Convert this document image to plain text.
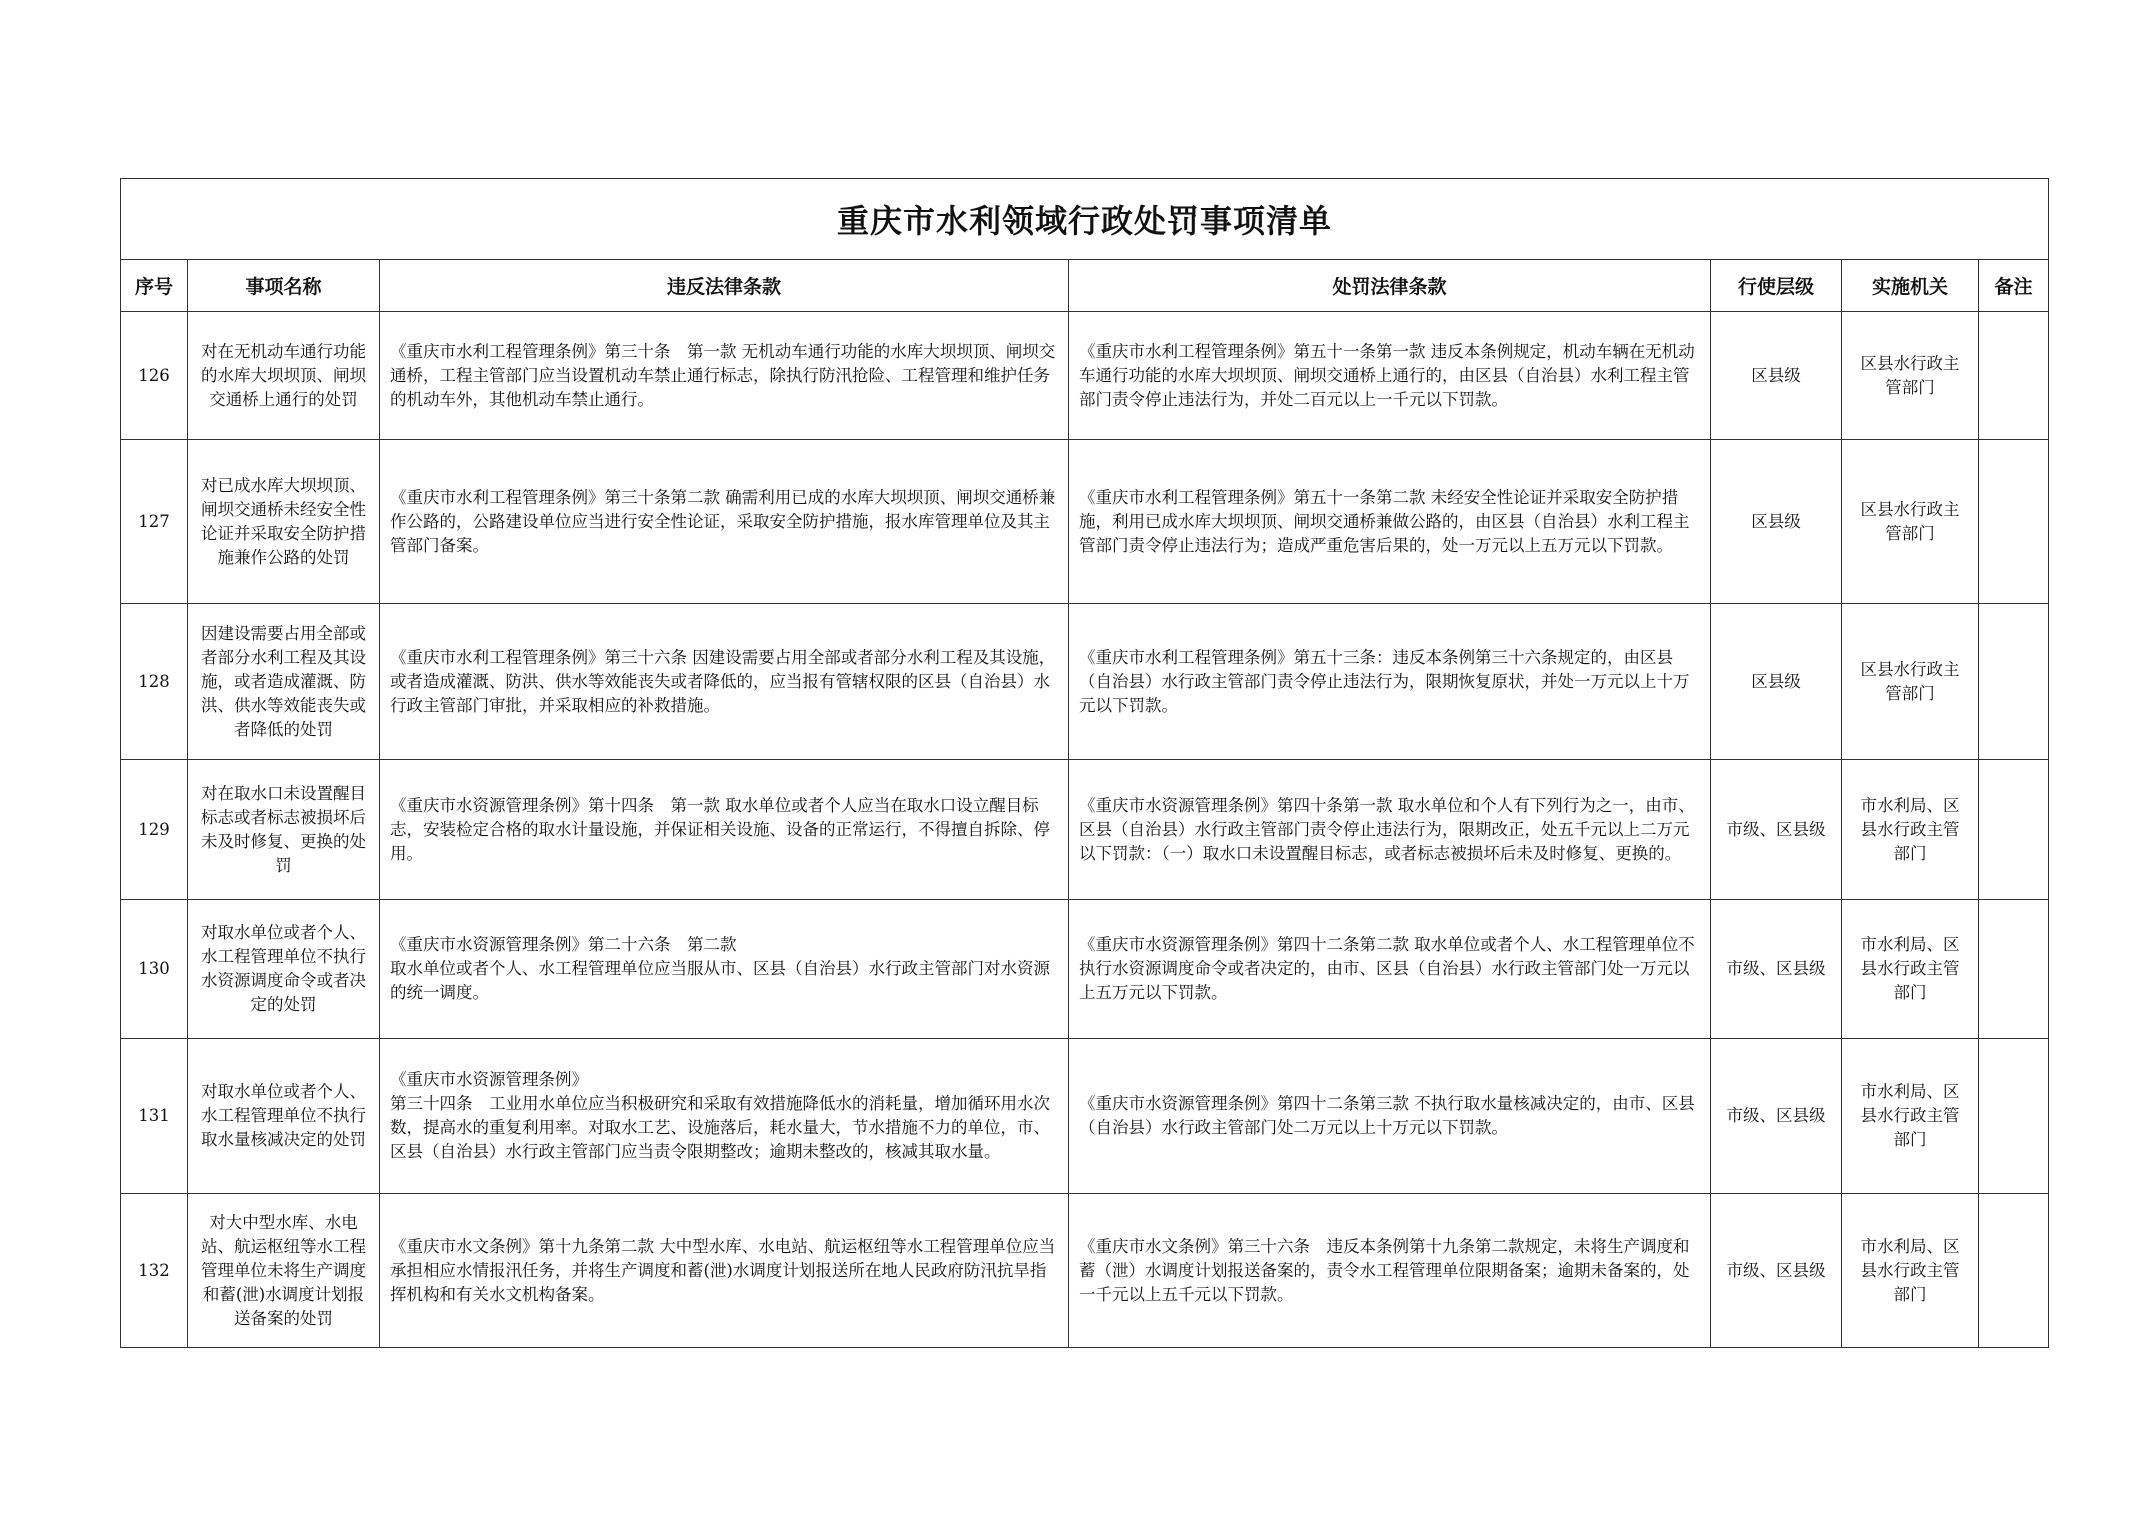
重庆市水利领域行政处罚事项清单						
序号	事项名称	违反法律条款	处罚法律条款	行使层级	实施机关	备注
126	对在无机动车通行功能的水库大坝坝顶、闸坝交通桥上通行的处罚	《重庆市水利工程管理条例》第三十条　第一款 无机动车通行功能的水库大坝坝顶、闸坝交通桥，工程主管部门应当设置机动车禁止通行标志，除执行防汛抢险、工程管理和维护任务的机动车外，其他机动车禁止通行。	《重庆市水利工程管理条例》第五十一条第一款 违反本条例规定，机动车辆在无机动车通行功能的水库大坝坝顶、闸坝交通桥上通行的，由区县（自治县）水利工程主管部门责令停止违法行为，并处二百元以上一千元以下罚款。	区县级	区县水行政主管部门	
127	对已成水库大坝坝顶、闸坝交通桥未经安全性论证并采取安全防护措施兼作公路的处罚	《重庆市水利工程管理条例》第三十条第二款 确需利用已成的水库大坝坝顶、闸坝交通桥兼作公路的，公路建设单位应当进行安全性论证，采取安全防护措施，报水库管理单位及其主管部门备案。	《重庆市水利工程管理条例》第五十一条第二款 未经安全性论证并采取安全防护措施，利用已成水库大坝坝顶、闸坝交通桥兼做公路的，由区县（自治县）水利工程主管部门责令停止违法行为；造成严重危害后果的，处一万元以上五万元以下罚款。	区县级	区县水行政主管部门	
128	因建设需要占用全部或者部分水利工程及其设施，或者造成灌溉、防洪、供水等效能丧失或者降低的处罚	《重庆市水利工程管理条例》第三十六条 因建设需要占用全部或者部分水利工程及其设施，或者造成灌溉、防洪、供水等效能丧失或者降低的，应当报有管辖权限的区县（自治县）水行政主管部门审批，并采取相应的补救措施。	《重庆市水利工程管理条例》第五十三条：违反本条例第三十六条规定的，由区县（自治县）水行政主管部门责令停止违法行为，限期恢复原状，并处一万元以上十万元以下罚款。	区县级	区县水行政主管部门	
129	对在取水口未设置醒目标志或者标志被损坏后未及时修复、更换的处罚	《重庆市水资源管理条例》第十四条　第一款 取水单位或者个人应当在取水口设立醒目标志，安装检定合格的取水计量设施，并保证相关设施、设备的正常运行，不得擅自拆除、停用。	《重庆市水资源管理条例》第四十条第一款 取水单位和个人有下列行为之一，由市、区县（自治县）水行政主管部门责令停止违法行为，限期改正，处五千元以上二万元以下罚款：（一）取水口未设置醒目标志，或者标志被损坏后未及时修复、更换的。	市级、区县级	市水利局、区县水行政主管部门	
130	对取水单位或者个人、水工程管理单位不执行水资源调度命令或者决定的处罚	《重庆市水资源管理条例》第二十六条　第二款
取水单位或者个人、水工程管理单位应当服从市、区县（自治县）水行政主管部门对水资源的统一调度。	《重庆市水资源管理条例》第四十二条第二款 取水单位或者个人、水工程管理单位不执行水资源调度命令或者决定的，由市、区县（自治县）水行政主管部门处一万元以上五万元以下罚款。	市级、区县级	市水利局、区县水行政主管部门	
131	对取水单位或者个人、水工程管理单位不执行取水量核减决定的处罚	《重庆市水资源管理条例》
第三十四条　工业用水单位应当积极研究和采取有效措施降低水的消耗量，增加循环用水次数，提高水的重复利用率。对取水工艺、设施落后，耗水量大，节水措施不力的单位，市、区县（自治县）水行政主管部门应当责令限期整改；逾期未整改的，核减其取水量。	《重庆市水资源管理条例》第四十二条第三款 不执行取水量核减决定的，由市、区县（自治县）水行政主管部门处二万元以上十万元以下罚款。	市级、区县级	市水利局、区县水行政主管部门	
132	对大中型水库、水电站、航运枢纽等水工程管理单位未将生产调度和蓄(泄)水调度计划报送备案的处罚	《重庆市水文条例》第十九条第二款 大中型水库、水电站、航运枢纽等水工程管理单位应当承担相应水情报汛任务，并将生产调度和蓄(泄)水调度计划报送所在地人民政府防汛抗旱指挥机构和有关水文机构备案。	《重庆市水文条例》第三十六条　违反本条例第十九条第二款规定，未将生产调度和蓄（泄）水调度计划报送备案的，责令水工程管理单位限期备案；逾期未备案的，处一千元以上五千元以下罚款。	市级、区县级	市水利局、区县水行政主管部门	
